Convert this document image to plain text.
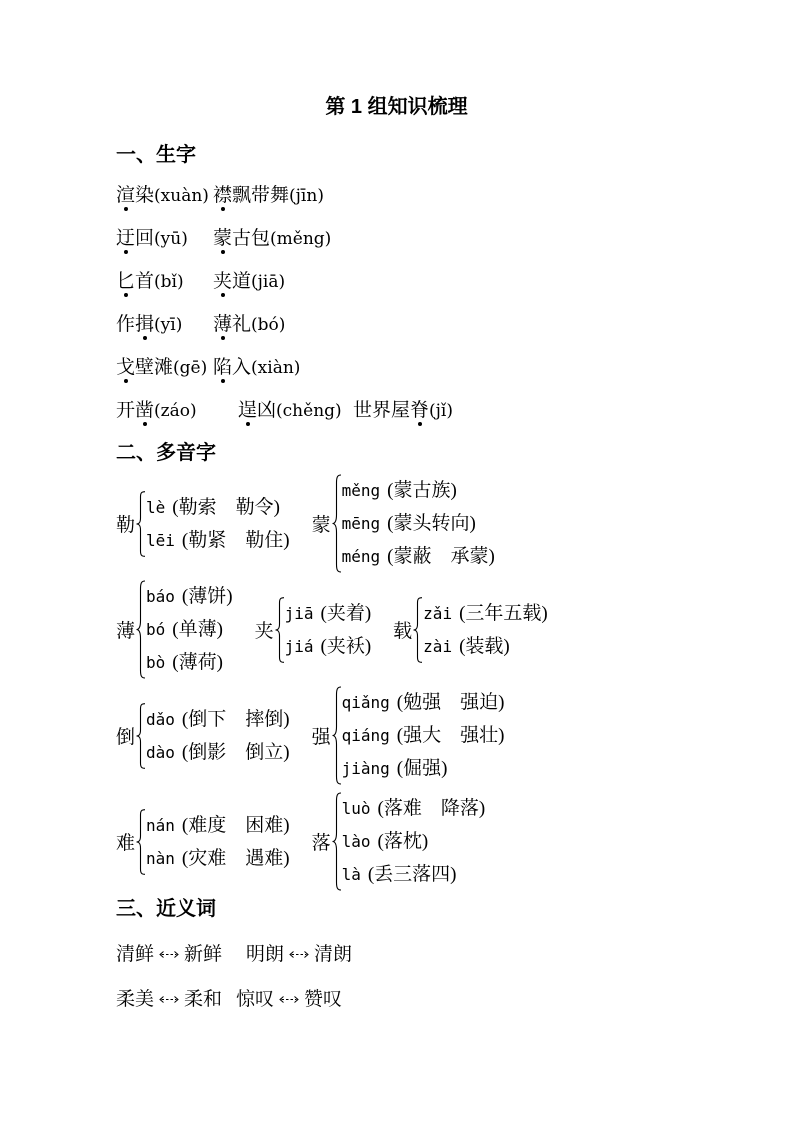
第 1 组知识梳理
一、生字
渲染(xuàn) 襟飘带舞(jīn)
迂回(yū)	蒙古包(měng)
匕首(bǐ)	夹道(jiā)
作揖(yī)	薄礼(bó)
戈壁滩(gē) 陷入(xiàn)
开凿(záo)	逞凶(chěng) 世界屋脊(jǐ)
二、多音字
勒
lè (勒索　勒令)
lēi (勒紧　勒住)
蒙
měng (蒙古族)
mēng (蒙头转向)
méng (蒙蔽　承蒙)
薄
báo (薄饼)
bó (单薄)
bò (薄荷)
夹
jiā (夹着)
jiá (夹袄)
载
zǎi (三年五载)
zài (装载)
倒
dǎo (倒下　摔倒)
dào (倒影　倒立)
强
qiǎng (勉强　强迫)
qiáng (强大　强壮)
jiàng (倔强)
难
nán (难度　困难)
nàn (灾难　遇难)
落
luò (落难　降落)
lào (落枕)
là (丢三落四)
三、近义词
清鲜 新鲜 明朗 清朗
柔美 柔和 惊叹 赞叹
